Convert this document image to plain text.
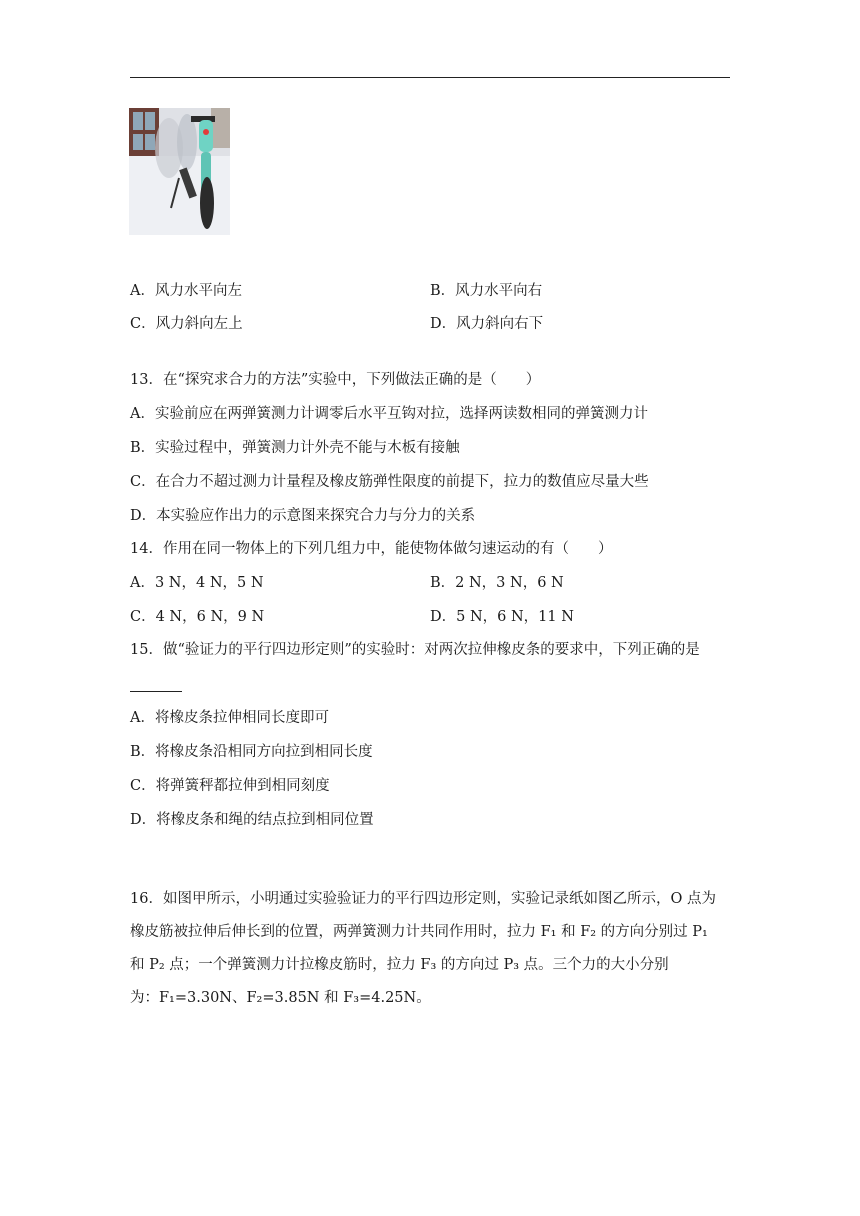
A．风力水平向左	B．风力水平向右
C．风力斜向左上	D．风力斜向右下
13．在“探究求合力的方法”实验中，下列做法正确的是（　　）
A．实验前应在两弹簧测力计调零后水平互钩对拉，选择两读数相同的弹簧测力计
B．实验过程中，弹簧测力计外壳不能与木板有接触
C．在合力不超过测力计量程及橡皮筋弹性限度的前提下，拉力的数值应尽量大些
D．本实验应作出力的示意图来探究合力与分力的关系
14．作用在同一物体上的下列几组力中，能使物体做匀速运动的有（　　）
A．3 N，4 N，5 N	B．2 N，3 N，6 N
C．4 N，6 N，9 N	D．5 N，6 N，11 N
15．做“验证力的平行四边形定则”的实验时：对两次拉伸橡皮条的要求中，下列正确的是
A．将橡皮条拉伸相同长度即可
B．将橡皮条沿相同方向拉到相同长度
C．将弹簧秤都拉伸到相同刻度
D．将橡皮条和绳的结点拉到相同位置
16．如图甲所示，小明通过实验验证力的平行四边形定则，实验记录纸如图乙所示，O 点为
橡皮筋被拉伸后伸长到的位置，两弹簧测力计共同作用时，拉力 F₁ 和 F₂ 的方向分别过 P₁
和 P₂ 点；一个弹簧测力计拉橡皮筋时，拉力 F₃ 的方向过 P₃ 点。三个力的大小分别
为：F₁=3.30N、F₂=3.85N 和 F₃=4.25N。
